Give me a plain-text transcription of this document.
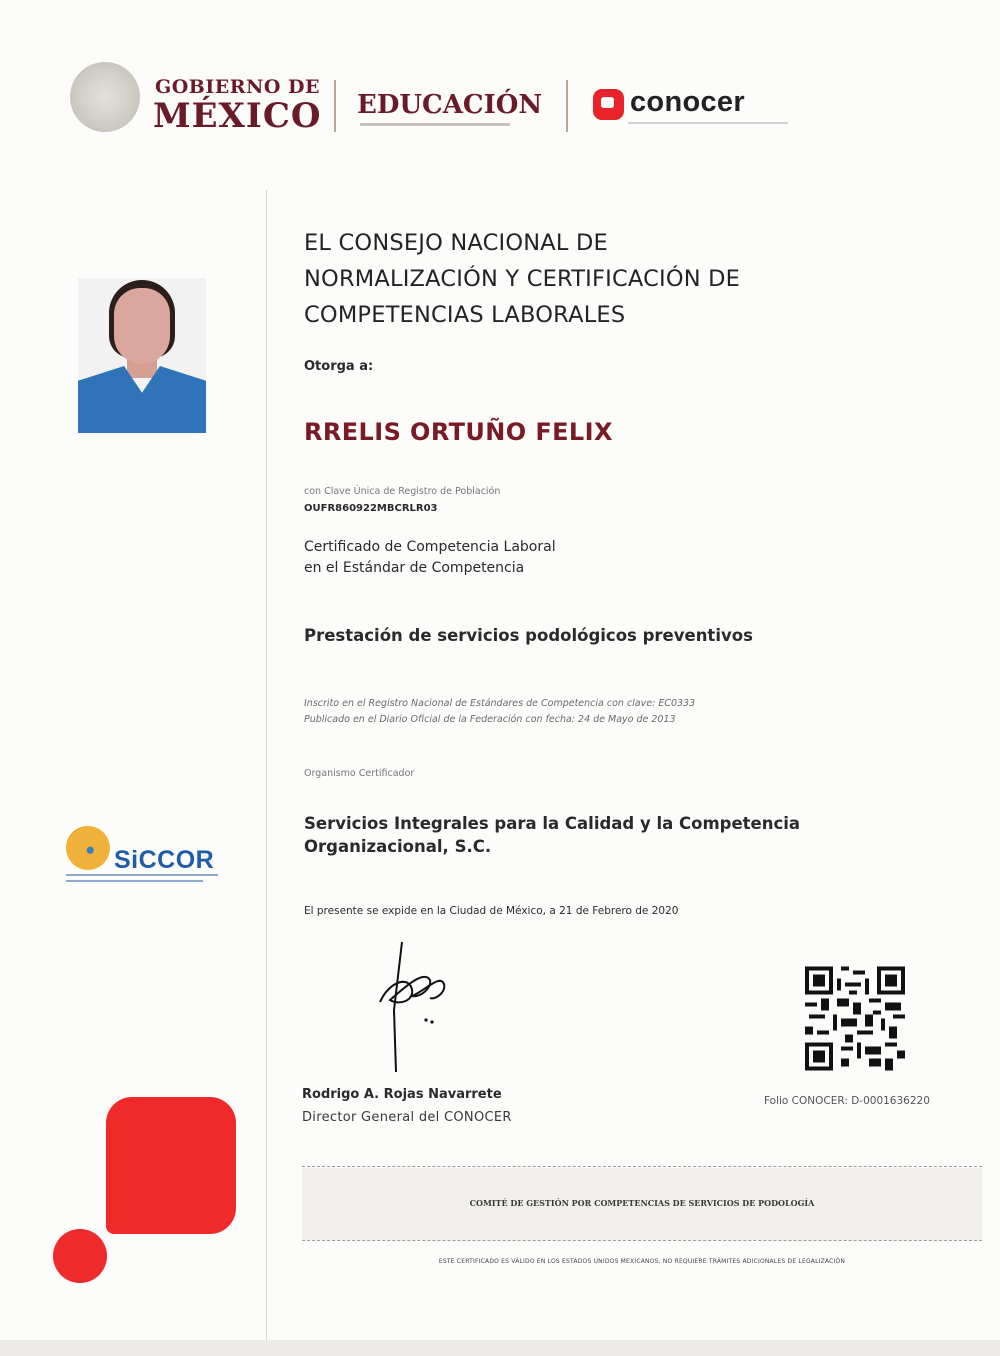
GOBIERNO DE
MÉXICO EDUCACIÓN	conocer
EL CONSEJO NACIONAL DE
NORMALIZACIÓN Y CERTIFICACIÓN DE
COMPETENCIAS LABORALES
Otorga a:
RRELIS ORTUÑO FELIX
con Clave Única de Registro de Población
OUFR860922MBCRLR03
Certificado de Competencia Laboral
en el Estándar de Competencia
Prestación de servicios podológicos preventivos
Inscrito en el Registro Nacional de Estándares de Competencia con clave: EC0333
Publicado en el Diario Oficial de la Federación con fecha: 24 de Mayo de 2013
Organismo Certificador
Servicios Integrales para la Calidad y la Competencia
Organizacional, S.C.
El presente se expide en la Ciudad de México, a 21 de Febrero de 2020
Rodrigo A. Rojas Navarrete
Director General del CONOCER
Folio CONOCER: D-0001636220
SiCCOR
COMITÉ DE GESTIÓN POR COMPETENCIAS DE SERVICIOS DE PODOLOGÍA
ESTE CERTIFICADO ES VÁLIDO EN LOS ESTADOS UNIDOS MEXICANOS, NO REQUIERE TRÁMITES ADICIONALES DE LEGALIZACIÓN
